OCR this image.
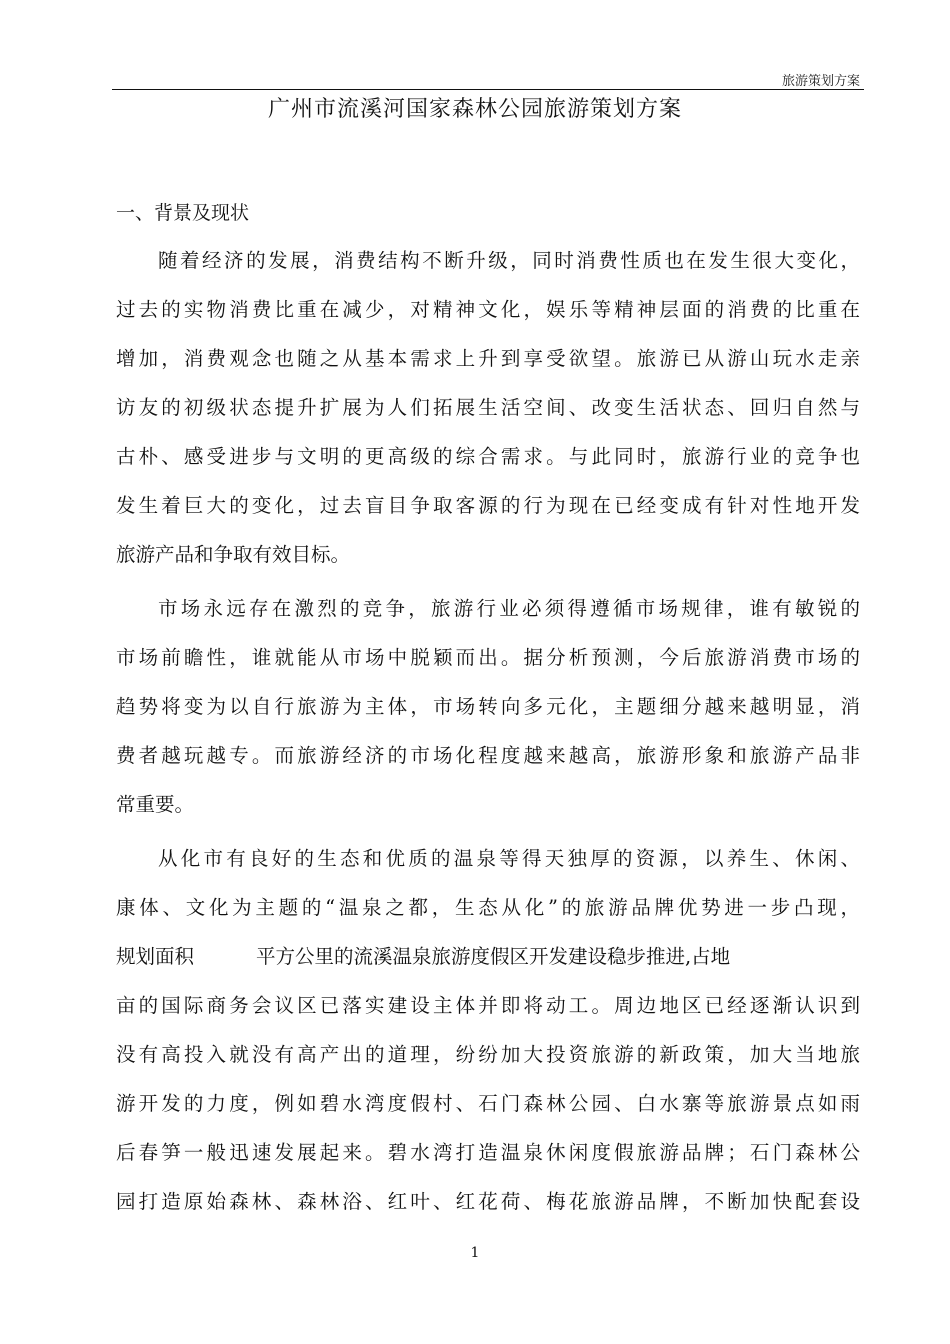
旅游策划方案
广州市流溪河国家森林公园旅游策划方案
一、背景及现状
随着经济的发展，消费结构不断升级，同时消费性质也在发生很大变化，
过去的实物消费比重在减少，对精神文化，娱乐等精神层面的消费的比重在
增加，消费观念也随之从基本需求上升到享受欲望。旅游已从游山玩水走亲
访友的初级状态提升扩展为人们拓展生活空间、改变生活状态、回归自然与
古朴、感受进步与文明的更高级的综合需求。与此同时，旅游行业的竞争也
发生着巨大的变化，过去盲目争取客源的行为现在已经变成有针对性地开发
旅游产品和争取有效目标。
市场永远存在激烈的竞争，旅游行业必须得遵循市场规律，谁有敏锐的
市场前瞻性，谁就能从市场中脱颖而出。据分析预测，今后旅游消费市场的
趋势将变为以自行旅游为主体，市场转向多元化，主题细分越来越明显，消
费者越玩越专。而旅游经济的市场化程度越来越高，旅游形象和旅游产品非
常重要。
从化市有良好的生态和优质的温泉等得天独厚的资源，以养生、休闲、
康体、文化为主题的“温泉之都，生态从化”的旅游品牌优势进一步凸现，
规划面积          平方公里的流溪温泉旅游度假区开发建设稳步推进,占地
亩的国际商务会议区已落实建设主体并即将动工。周边地区已经逐渐认识到
没有高投入就没有高产出的道理，纷纷加大投资旅游的新政策，加大当地旅
游开发的力度，例如碧水湾度假村、石门森林公园、白水寨等旅游景点如雨
后春笋一般迅速发展起来。碧水湾打造温泉休闲度假旅游品牌；石门森林公
园打造原始森林、森林浴、红叶、红花荷、梅花旅游品牌，不断加快配套设
1
